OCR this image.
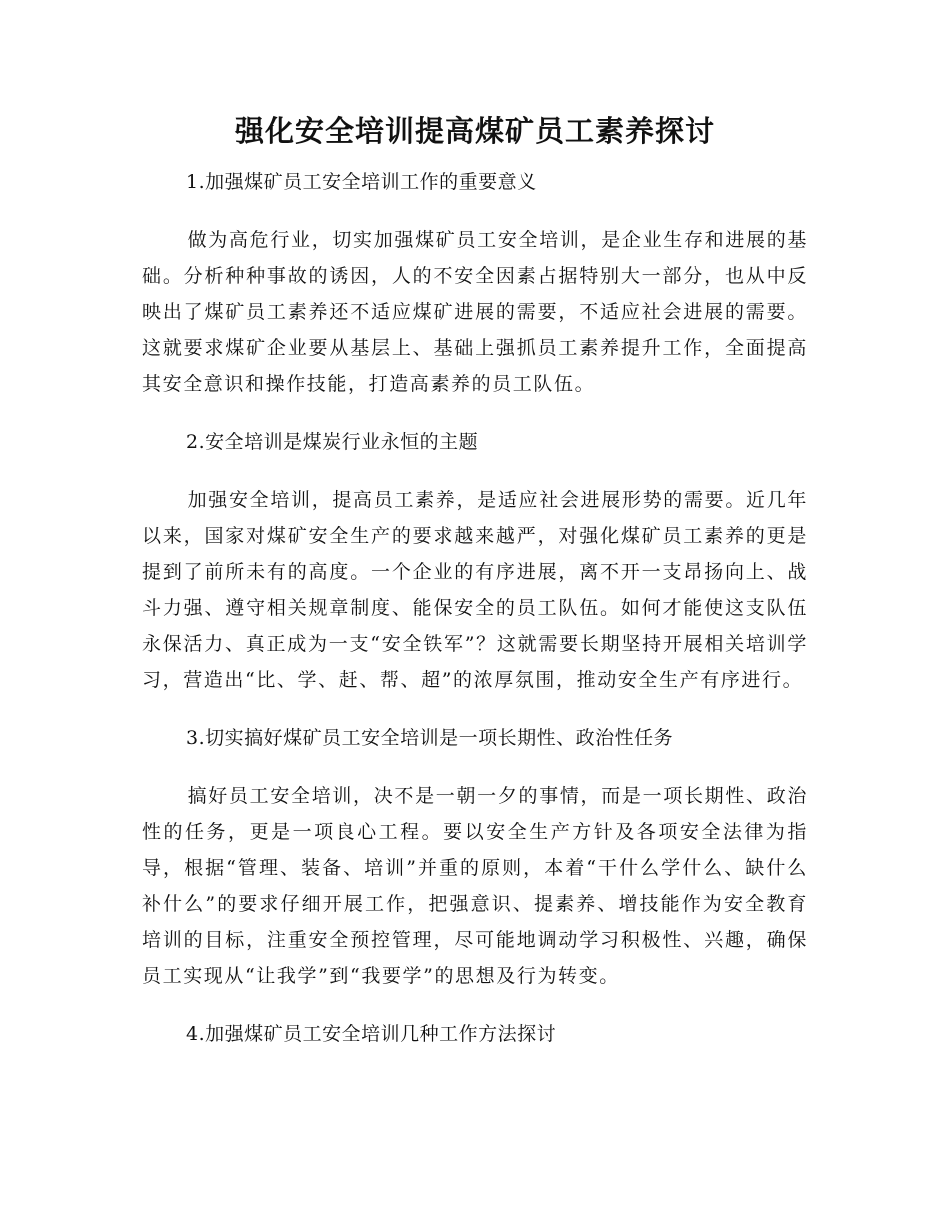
强化安全培训提高煤矿员工素养探讨

1.加强煤矿员工安全培训工作的重要意义

做为高危行业，切实加强煤矿员工安全培训，是企业生存和进展的基础。分析种种事故的诱因，人的不安全因素占据特别大一部分，也从中反映出了煤矿员工素养还不适应煤矿进展的需要，不适应社会进展的需要。这就要求煤矿企业要从基层上、基础上强抓员工素养提升工作，全面提高其安全意识和操作技能，打造高素养的员工队伍。

2.安全培训是煤炭行业永恒的主题

加强安全培训，提高员工素养，是适应社会进展形势的需要。近几年以来，国家对煤矿安全生产的要求越来越严，对强化煤矿员工素养的更是提到了前所未有的高度。一个企业的有序进展，离不开一支昂扬向上、战斗力强、遵守相关规章制度、能保安全的员工队伍。如何才能使这支队伍永保活力、真正成为一支“安全铁军”？这就需要长期坚持开展相关培训学习，营造出“比、学、赶、帮、超”的浓厚氛围，推动安全生产有序进行。

3.切实搞好煤矿员工安全培训是一项长期性、政治性任务

搞好员工安全培训，决不是一朝一夕的事情，而是一项长期性、政治性的任务，更是一项良心工程。要以安全生产方针及各项安全法律为指导，根据“管理、装备、培训”并重的原则，本着“干什么学什么、缺什么补什么”的要求仔细开展工作，把强意识、提素养、增技能作为安全教育培训的目标，注重安全预控管理，尽可能地调动学习积极性、兴趣，确保员工实现从“让我学”到“我要学”的思想及行为转变。

4.加强煤矿员工安全培训几种工作方法探讨
